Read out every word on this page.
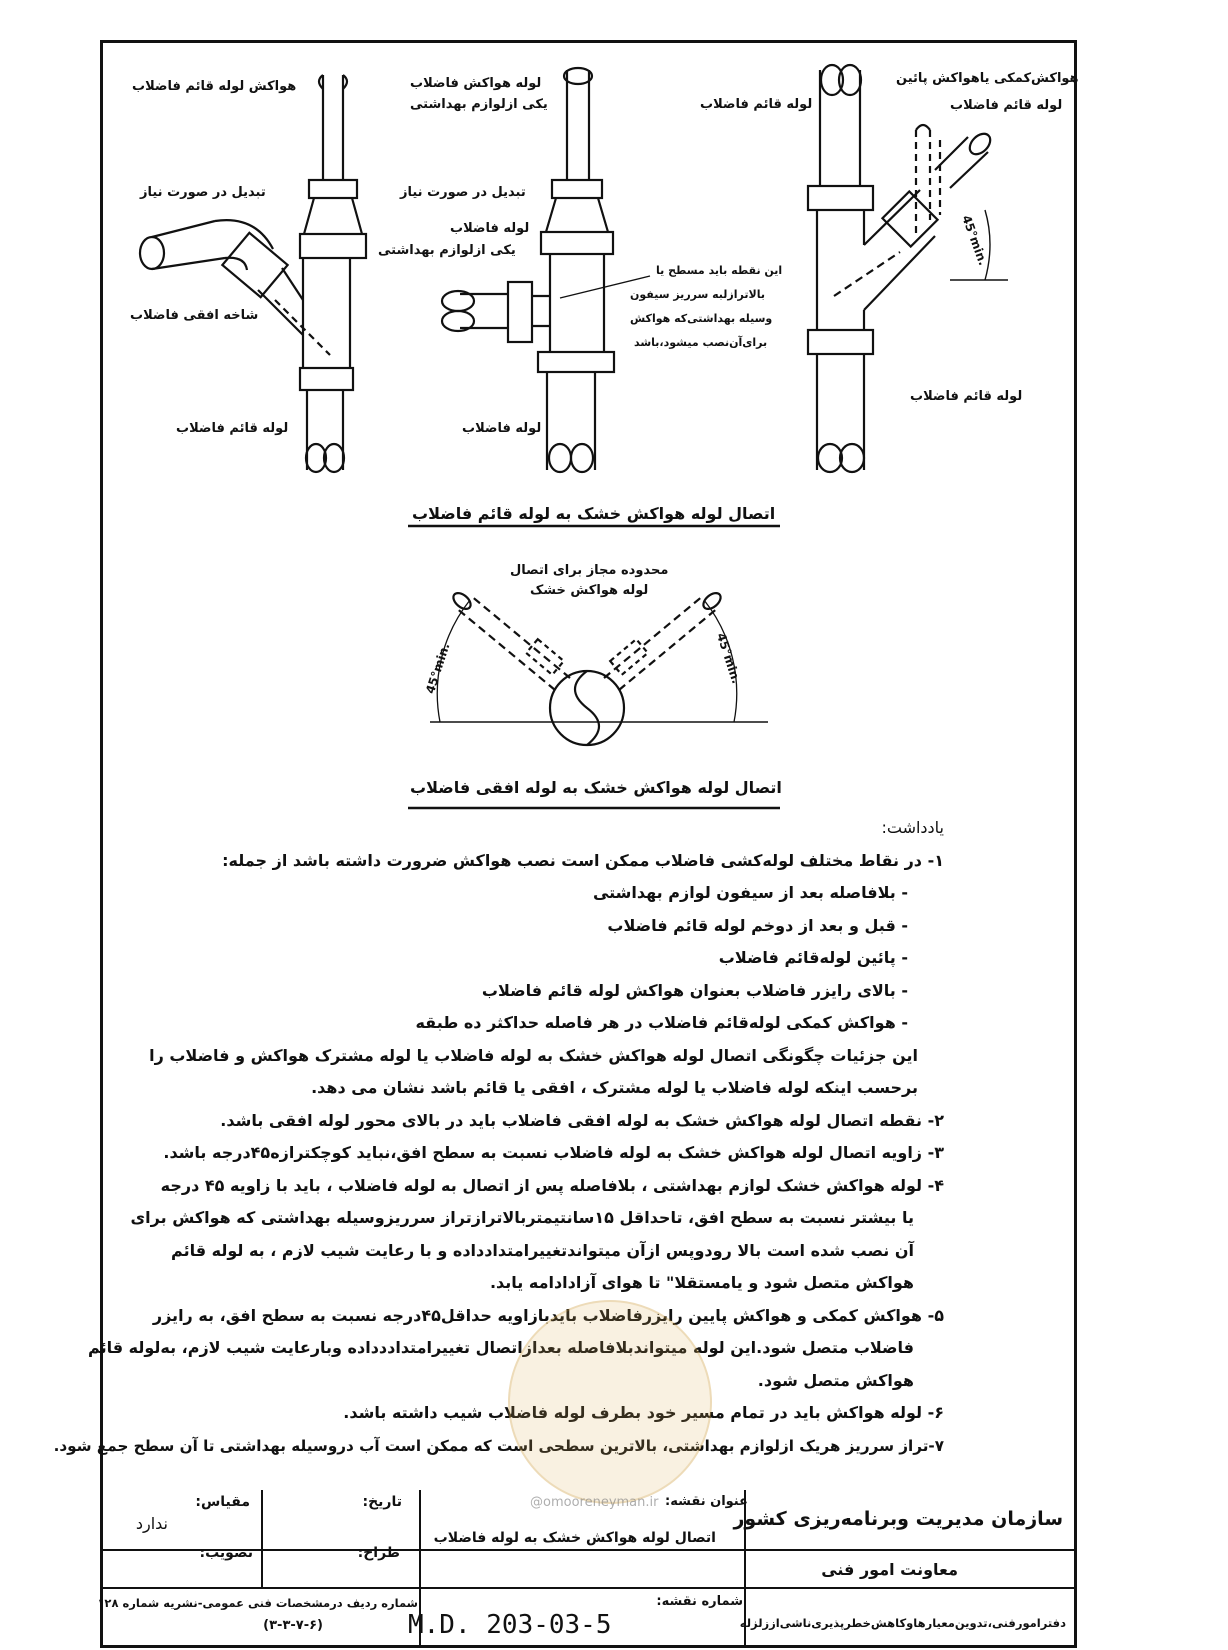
هواکش لوله قائم فاضلاب
تبدیل در صورت نیاز
شاخه افقی فاضلاب
لوله قائم فاضلاب
لوله هواکش فاضلاب
یکی ازلوازم بهداشتی
تبدیل در صورت نیاز
لوله فاضلاب
یکی ازلوازم بهداشتی
این نقطه باید مسطح یا
بالاترازلبه سرریز سیفون
وسیله بهداشتی‌که هواکش
برای‌آن‌نصب میشود،باشد
لوله فاضلاب
هواکش‌کمکی یاهواکش پائین
لوله قائم فاضلاب
لوله قائم فاضلاب
45°min.
لوله قائم فاضلاب
اتصال لوله هواکش خشک به لوله قائم فاضلاب
محدوده مجاز برای اتصال
لوله هواکش خشک
45°min.	45°min.
اتصال لوله هواکش خشک به لوله افقی فاضلاب

یادداشت:

۱- در نقاط مختلف لوله‌کشی فاضلاب ممکن است نصب هواکش ضرورت داشته باشد از جمله:

- بلافاصله بعد از سیفون لوازم بهداشتی

- قبل و بعد از دوخم لوله قائم فاضلاب

- پائین لوله‌قائم فاضلاب

- بالای رایزر فاضلاب بعنوان هواکش لوله قائم فاضلاب

- هواکش کمکی لوله‌قائم فاضلاب در هر فاصله حداکثر ده طبقه

این جزئیات چگونگی اتصال لوله هواکش خشک به لوله فاضلاب یا لوله مشترک هواکش و فاضلاب را

برحسب اینکه لوله فاضلاب یا لوله مشترک ، افقی یا قائم باشد نشان می دهد.

۲- نقطه اتصال لوله هواکش خشک به لوله افقی فاضلاب باید در بالای محور لوله افقی باشد.

۳- زاویه اتصال لوله هواکش خشک به لوله فاضلاب نسبت به سطح افق،نباید کوچکترازه۴۵درجه باشد.

۴- لوله هواکش خشک لوازم بهداشتی ، بلافاصله پس از اتصال به لوله فاضلاب ، باید با زاویه ۴۵ درجه

یا بیشتر نسبت به سطح افق، تاحداقل ۱۵سانتیمتربالاترازتراز سرریزوسیله بهداشتی که هواکش برای

آن نصب شده است بالا رودوپس ازآن میتواندتغییرامتدادداده و با رعایت شیب لازم ، به لوله قائم

هواکش متصل شود و یامستقلا" تا هوای آزادادامه یابد.

۵- هواکش کمکی و هواکش پایین رایزرفاضلاب بایدبازاویه حداقل۴۵درجه نسبت به سطح افق، به رایزر

فاضلاب متصل شود.این لوله میتواندبلافاصله بعدازاتصال تغییرامتداددداده وبارعایت شیب لازم، بەلوله قائم

هواکش متصل شود.

۶- لوله هواکش باید در تمام مسیر خود بطرف لوله فاضلاب شیب داشته باشد.

۷-تراز سرریز هریک ازلوازم بهداشتی، بالاترین سطحی است که ممکن است آب دروسیله بهداشتی تا آن سطح جمع شود.

سازمان مدیریت وبرنامه‌ریزی کشور
معاونت امور فنی
دفترامورفنی،تدوین‌معیارهاوکاهش‌خطرپذیری‌ناشی‌اززلزله
عنوان نقشه:
اتصال لوله هواکش خشک به لوله فاضلاب
@omooreneyman.ir
شماره نقشه:
M.D. 203-03-5
تاریخ:
طراح:
مقیاس:
ندارد
تصویب:
شماره ردیف درمشخصات فنی عمومی-نشریه شماره ۱۲۸
(۳-۳-۷-۶)
